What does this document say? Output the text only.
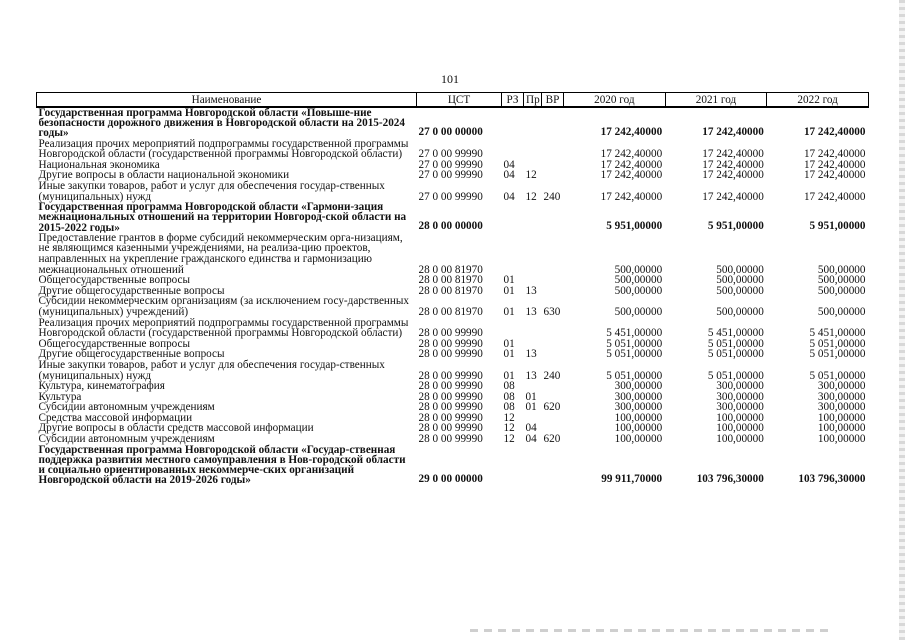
101
Наименование	ЦСТ	РЗ	Пр	ВР	2020 год	2021 год	2022 год
Государственная программа Новгородской области «Повыше-ние безопасности дорожного движения в Новгородской области на 2015-2024 годы»	27 0 00 00000				17 242,40000	17 242,40000	17 242,40000
Реализация прочих мероприятий подпрограммы государственной программы Новгородской области (государственной программы Новгородской области)	27 0 00 99990				17 242,40000	17 242,40000	17 242,40000
Национальная экономика	27 0 00 99990	04			17 242,40000	17 242,40000	17 242,40000
Другие вопросы в области национальной экономики	27 0 00 99990	04	12		17 242,40000	17 242,40000	17 242,40000
Иные закупки товаров, работ и услуг для обеспечения государ-ственных (муниципальных) нужд	27 0 00 99990	04	12	240	17 242,40000	17 242,40000	17 242,40000
Государственная программа Новгородской области «Гармони-зация межнациональных отношений на территории Новгород-ской области на 2015-2022 годы»	28 0 00 00000				5 951,00000	5 951,00000	5 951,00000
Предоставление грантов в форме субсидий некоммерческим орга-низациям, не являющимся казенными учреждениями, на реализа-цию проектов, направленных на укрепление гражданского единства и гармонизацию межнациональных отношений	28 0 00 81970				500,00000	500,00000	500,00000
Общегосударственные вопросы	28 0 00 81970	01			500,00000	500,00000	500,00000
Другие общегосударственные вопросы	28 0 00 81970	01	13		500,00000	500,00000	500,00000
Субсидии некоммерческим организациям (за исключением госу-дарственных (муниципальных) учреждений)	28 0 00 81970	01	13	630	500,00000	500,00000	500,00000
Реализация прочих мероприятий подпрограммы государственной программы Новгородской области (государственной программы Новгородской области)	28 0 00 99990				5 451,00000	5 451,00000	5 451,00000
Общегосударственные вопросы	28 0 00 99990	01			5 051,00000	5 051,00000	5 051,00000
Другие общегосударственные вопросы	28 0 00 99990	01	13		5 051,00000	5 051,00000	5 051,00000
Иные закупки товаров, работ и услуг для обеспечения государ-ственных (муниципальных) нужд	28 0 00 99990	01	13	240	5 051,00000	5 051,00000	5 051,00000
Культура, кинематография	28 0 00 99990	08			300,00000	300,00000	300,00000
Культура	28 0 00 99990	08	01		300,00000	300,00000	300,00000
Субсидии автономным учреждениям	28 0 00 99990	08	01	620	300,00000	300,00000	300,00000
Средства массовой информации	28 0 00 99990	12			100,00000	100,00000	100,00000
Другие вопросы в области средств массовой информации	28 0 00 99990	12	04		100,00000	100,00000	100,00000
Субсидии автономным учреждениям	28 0 00 99990	12	04	620	100,00000	100,00000	100,00000
Государственная программа Новгородской области «Государ-ственная поддержка развития местного самоуправления в Нов-городской области и социально ориентированных некоммерче-ских организаций Новгородской области на 2019-2026 годы»	29 0 00 00000				99 911,70000	103 796,30000	103 796,30000
